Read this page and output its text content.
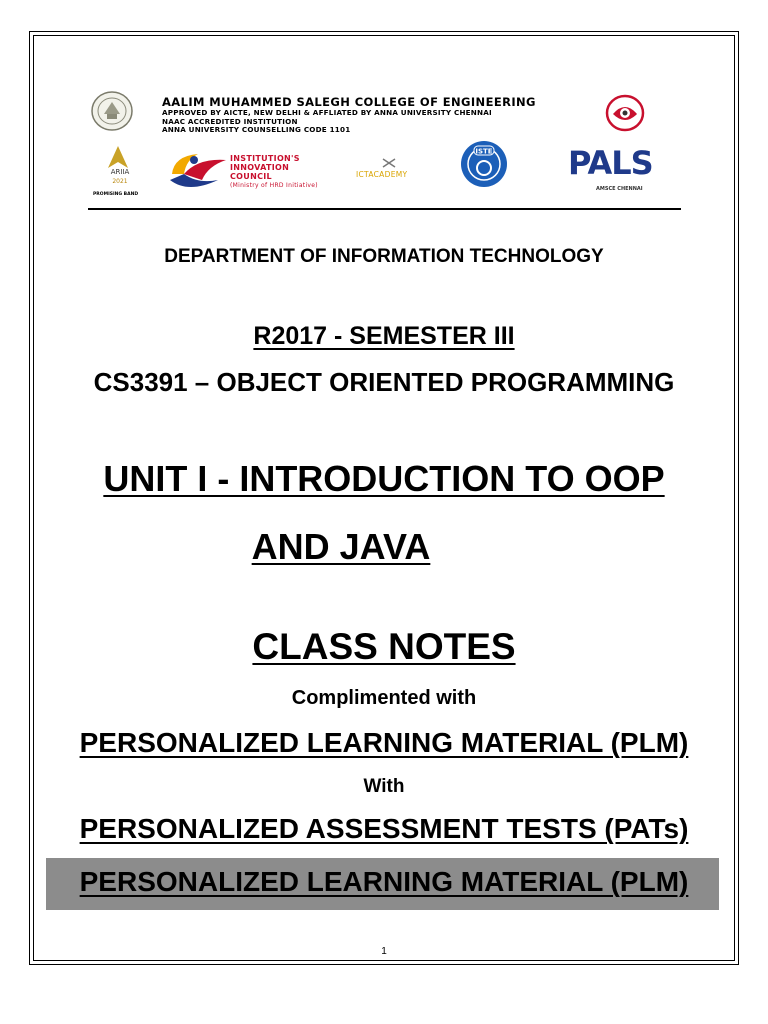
AALIM MUHAMMED SALEGH COLLEGE OF ENGINEERING
APPROVED BY AICTE, NEW DELHI & AFFLIATED BY ANNA UNIVERSITY CHENNAI
NAAC ACCREDITED INSTITUTION
ANNA UNIVERSITY COUNSELLING CODE 1101
ARIIA
2021
PROMISING BAND
INSTITUTION'S
INNOVATION
COUNCIL
(Ministry of HRD Initiative)
ICTACADEMY
ISTE PALS
AMSCE CHENNAI
DEPARTMENT OF INFORMATION TECHNOLOGY
R2017 - SEMESTER III
CS3391 – OBJECT ORIENTED PROGRAMMING
UNIT I - INTRODUCTION TO OOP
AND JAVA
CLASS NOTES
Complimented with
PERSONALIZED LEARNING MATERIAL (PLM)
With
PERSONALIZED ASSESSMENT TESTS (PATs)
PERSONALIZED LEARNING MATERIAL (PLM)
1
